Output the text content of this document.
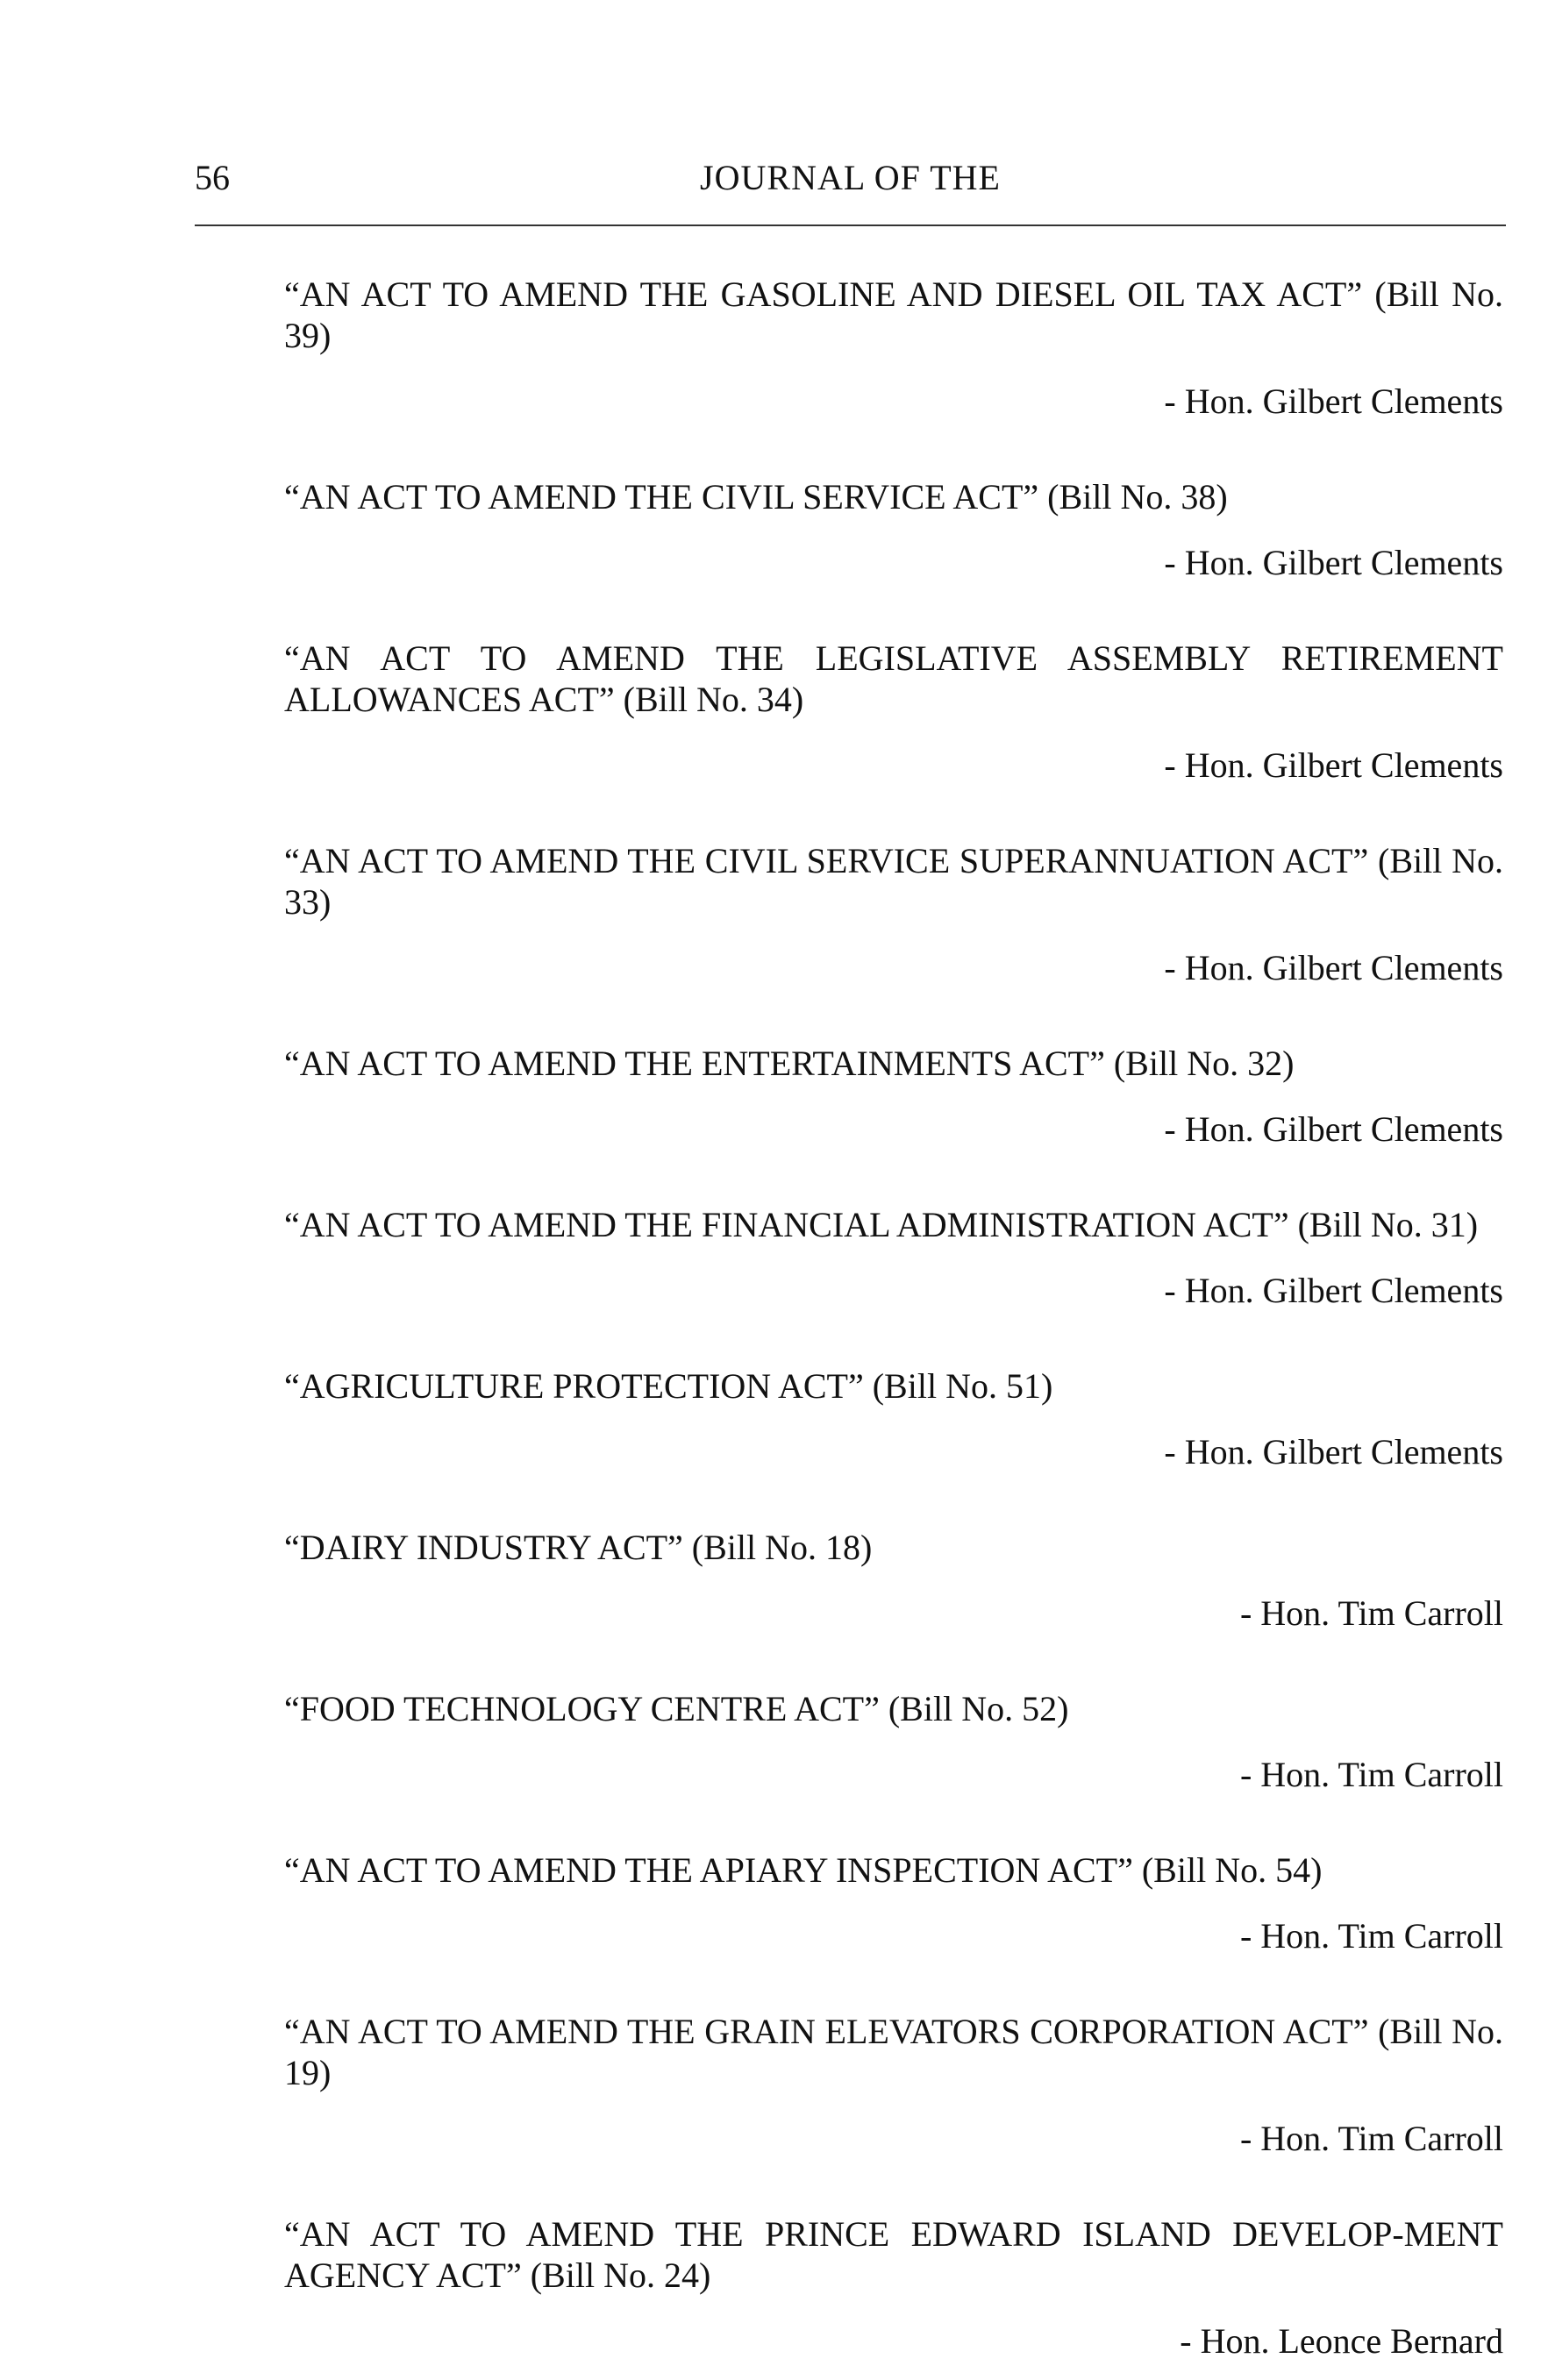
56	JOURNAL OF THE

“AN ACT TO AMEND THE GASOLINE AND DIESEL OIL TAX ACT” (Bill No. 39)

- Hon. Gilbert Clements

“AN ACT TO AMEND THE CIVIL SERVICE ACT” (Bill No. 38)

- Hon. Gilbert Clements

“AN ACT TO AMEND THE LEGISLATIVE ASSEMBLY RETIREMENT ALLOWANCES ACT” (Bill No. 34)

- Hon. Gilbert Clements

“AN ACT TO AMEND THE CIVIL SERVICE SUPERANNUATION ACT” (Bill No. 33)

- Hon. Gilbert Clements

“AN ACT TO AMEND THE ENTERTAINMENTS ACT” (Bill No. 32)

- Hon. Gilbert Clements

“AN ACT TO AMEND THE FINANCIAL ADMINISTRATION ACT” (Bill No. 31)

- Hon. Gilbert Clements

“AGRICULTURE PROTECTION ACT” (Bill No. 51)

- Hon. Gilbert Clements

“DAIRY INDUSTRY ACT” (Bill No. 18)

- Hon. Tim Carroll

“FOOD TECHNOLOGY CENTRE ACT” (Bill No. 52)

- Hon. Tim Carroll

“AN ACT TO AMEND THE APIARY INSPECTION ACT” (Bill No. 54)

- Hon. Tim Carroll

“AN ACT TO AMEND THE GRAIN ELEVATORS CORPORATION ACT” (Bill No. 19)

- Hon. Tim Carroll

“AN ACT TO AMEND THE PRINCE EDWARD ISLAND DEVELOP-MENT AGENCY ACT” (Bill No. 24)

- Hon. Leonce Bernard
